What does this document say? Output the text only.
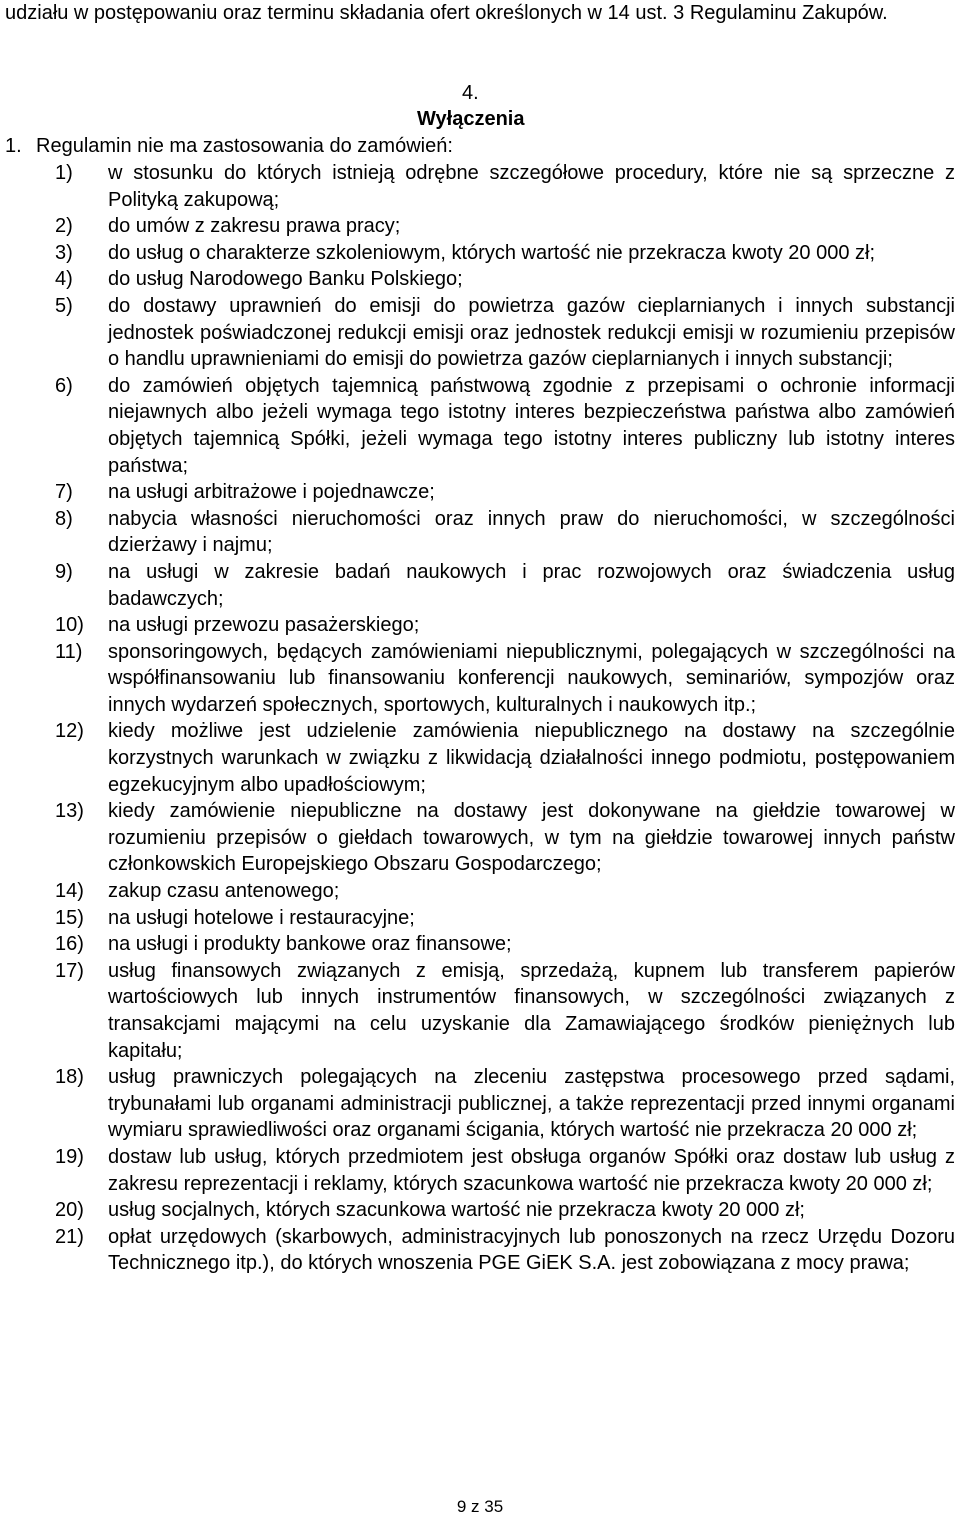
udziału w postępowaniu oraz terminu składania ofert określonych w 14 ust. 3 Regulaminu Zakupów.

4.
Wyłączenia
1. Regulamin nie ma zastosowania do zamówień:
1) w stosunku do których istnieją odrębne szczegółowe procedury, które nie są sprzeczne z Polityką zakupową;
2) do umów z zakresu prawa pracy;
3) do usług o charakterze szkoleniowym, których wartość nie przekracza kwoty 20 000 zł;
4) do usług Narodowego Banku Polskiego;
5) do dostawy uprawnień do emisji do powietrza gazów cieplarnianych i innych substancji jednostek poświadczonej redukcji emisji oraz jednostek redukcji emisji w rozumieniu przepisów o handlu uprawnieniami do emisji do powietrza gazów cieplarnianych i innych substancji;
6) do zamówień objętych tajemnicą państwową zgodnie z przepisami o ochronie informacji niejawnych albo jeżeli wymaga tego istotny interes bezpieczeństwa państwa albo zamówień objętych tajemnicą Spółki, jeżeli wymaga tego istotny interes publiczny lub istotny interes państwa;
7) na usługi arbitrażowe i pojednawcze;
8) nabycia własności nieruchomości oraz innych praw do nieruchomości, w szczególności dzierżawy i najmu;
9) na usługi w zakresie badań naukowych i prac rozwojowych oraz świadczenia usług badawczych;
10) na usługi przewozu pasażerskiego;
11) sponsoringowych, będących zamówieniami niepublicznymi, polegających w szczególności na współfinansowaniu lub finansowaniu konferencji naukowych, seminariów, sympozjów oraz innych wydarzeń społecznych, sportowych, kulturalnych i naukowych itp.;
12) kiedy możliwe jest udzielenie zamówienia niepublicznego na dostawy na szczególnie korzystnych warunkach w związku z likwidacją działalności innego podmiotu, postępowaniem egzekucyjnym albo upadłościowym;
13) kiedy zamówienie niepubliczne na dostawy jest dokonywane na giełdzie towarowej w rozumieniu przepisów o giełdach towarowych, w tym na giełdzie towarowej innych państw członkowskich Europejskiego Obszaru Gospodarczego;
14) zakup czasu antenowego;
15) na usługi hotelowe i restauracyjne;
16) na usługi i produkty bankowe oraz finansowe;
17) usług finansowych związanych z emisją, sprzedażą, kupnem lub transferem papierów wartościowych lub innych instrumentów finansowych, w szczególności związanych z transakcjami mającymi na celu uzyskanie dla Zamawiającego środków pieniężnych lub kapitału;
18) usług prawniczych polegających na zleceniu zastępstwa procesowego przed sądami, trybunałami lub organami administracji publicznej, a także reprezentacji przed innymi organami wymiaru sprawiedliwości oraz organami ścigania, których wartość nie przekracza 20 000 zł;
19) dostaw lub usług, których przedmiotem jest obsługa organów Spółki oraz dostaw lub usług z zakresu reprezentacji i reklamy, których szacunkowa wartość nie przekracza kwoty 20 000 zł;
20) usług socjalnych, których szacunkowa wartość nie przekracza kwoty 20 000 zł;
21) opłat urzędowych (skarbowych, administracyjnych lub ponoszonych na rzecz Urzędu Dozoru Technicznego itp.), do których wnoszenia PGE GiEK S.A. jest zobowiązana z mocy prawa;
9 z 35
